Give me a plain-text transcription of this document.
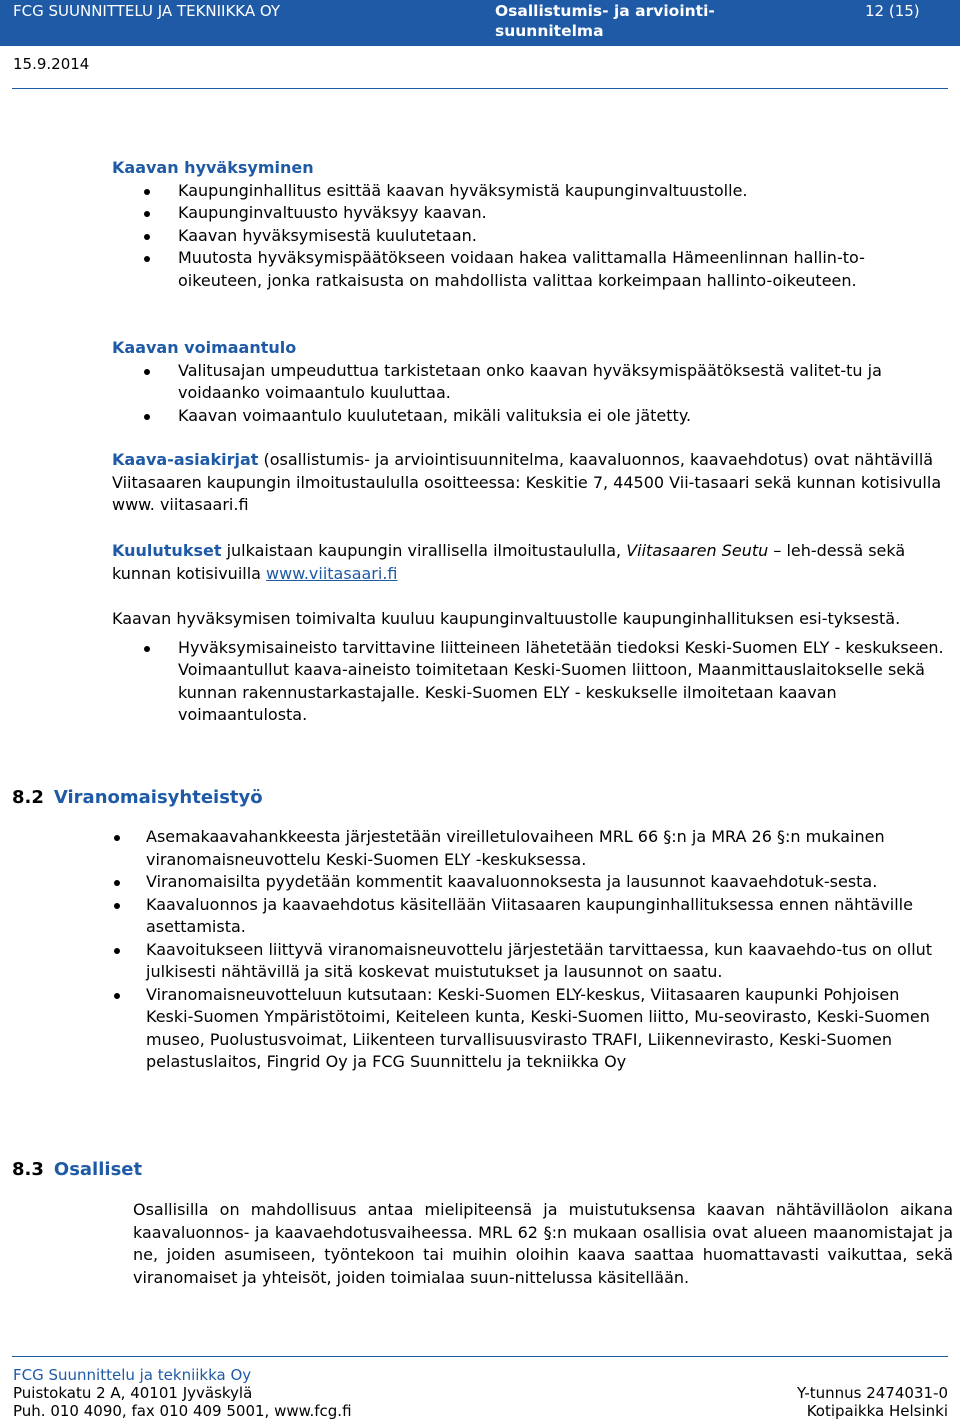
FCG SUUNNITTELU JA TEKNIIKKA OY	Osallistumis- ja arviointi-
suunnitelma
12 (15)
15.9.2014
Kaavan hyväksyminen
Kaupunginhallitus esittää kaavan hyväksymistä kaupunginvaltuustolle.
Kaupunginvaltuusto hyväksyy kaavan.
Kaavan hyväksymisestä kuulutetaan.
Muutosta hyväksymispäätökseen voidaan hakea valittamalla Hämeenlinnan hallin-to-oikeuteen, jonka ratkaisusta on mahdollista valittaa korkeimpaan hallinto-oikeuteen.
Kaavan voimaantulo
Valitusajan umpeuduttua tarkistetaan onko kaavan hyväksymispäätöksestä valitet-tu ja voidaanko voimaantulo kuuluttaa.
Kaavan voimaantulo kuulutetaan, mikäli valituksia ei ole jätetty.
Kaava-asiakirjat (osallistumis- ja arviointisuunnitelma, kaavaluonnos, kaavaehdotus) ovat nähtävillä Viitasaaren kaupungin ilmoitustaululla osoitteessa: Keskitie 7, 44500 Vii-tasaari sekä kunnan kotisivulla www. viitasaari.fi
Kuulutukset julkaistaan kaupungin virallisella ilmoitustaululla, Viitasaaren Seutu – leh-dessä sekä kunnan kotisivuilla www.viitasaari.fi
Kaavan hyväksymisen toimivalta kuuluu kaupunginvaltuustolle kaupunginhallituksen esi-tyksestä.
Hyväksymisaineisto tarvittavine liitteineen lähetetään tiedoksi Keski-Suomen ELY - keskukseen. Voimaantullut kaava-aineisto toimitetaan Keski-Suomen liittoon, Maanmittauslaitokselle sekä kunnan rakennustarkastajalle. Keski-Suomen ELY - keskukselle ilmoitetaan kaavan voimaantulosta.
8.2 Viranomaisyhteistyö
Asemakaavahankkeesta järjestetään vireilletulovaiheen MRL 66 §:n ja MRA 26 §:n mukainen viranomaisneuvottelu Keski-Suomen ELY -keskuksessa.
Viranomaisilta pyydetään kommentit kaavaluonnoksesta ja lausunnot kaavaehdotuk-sesta.
Kaavaluonnos ja kaavaehdotus käsitellään Viitasaaren kaupunginhallituksessa ennen nähtäville asettamista.
Kaavoitukseen liittyvä viranomaisneuvottelu järjestetään tarvittaessa, kun kaavaehdo-tus on ollut julkisesti nähtävillä ja sitä koskevat muistutukset ja lausunnot on saatu.
Viranomaisneuvotteluun kutsutaan: Keski-Suomen ELY-keskus, Viitasaaren kaupunki Pohjoisen Keski-Suomen Ympäristötoimi, Keiteleen kunta, Keski-Suomen liitto, Mu-seovirasto, Keski-Suomen museo, Puolustusvoimat, Liikenteen turvallisuusvirasto TRAFI, Liikennevirasto, Keski-Suomen pelastuslaitos, Fingrid Oy ja FCG Suunnittelu ja tekniikka Oy
8.3 Osalliset
Osallisilla on mahdollisuus antaa mielipiteensä ja muistutuksensa kaavan nähtävilläolon aikana kaavaluonnos- ja kaavaehdotusvaiheessa. MRL 62 §:n mukaan osallisia ovat alueen maanomistajat ja ne, joiden asumiseen, työntekoon tai muihin oloihin kaava saattaa huomattavasti vaikuttaa, sekä viranomaiset ja yhteisöt, joiden toimialaa suun-nittelussa käsitellään.
FCG Suunnittelu ja tekniikka Oy
Puistokatu 2 A, 40101 Jyväskylä
Puh. 010 4090, fax 010 409 5001, www.fcg.fi
Y-tunnus 2474031-0
Kotipaikka Helsinki
